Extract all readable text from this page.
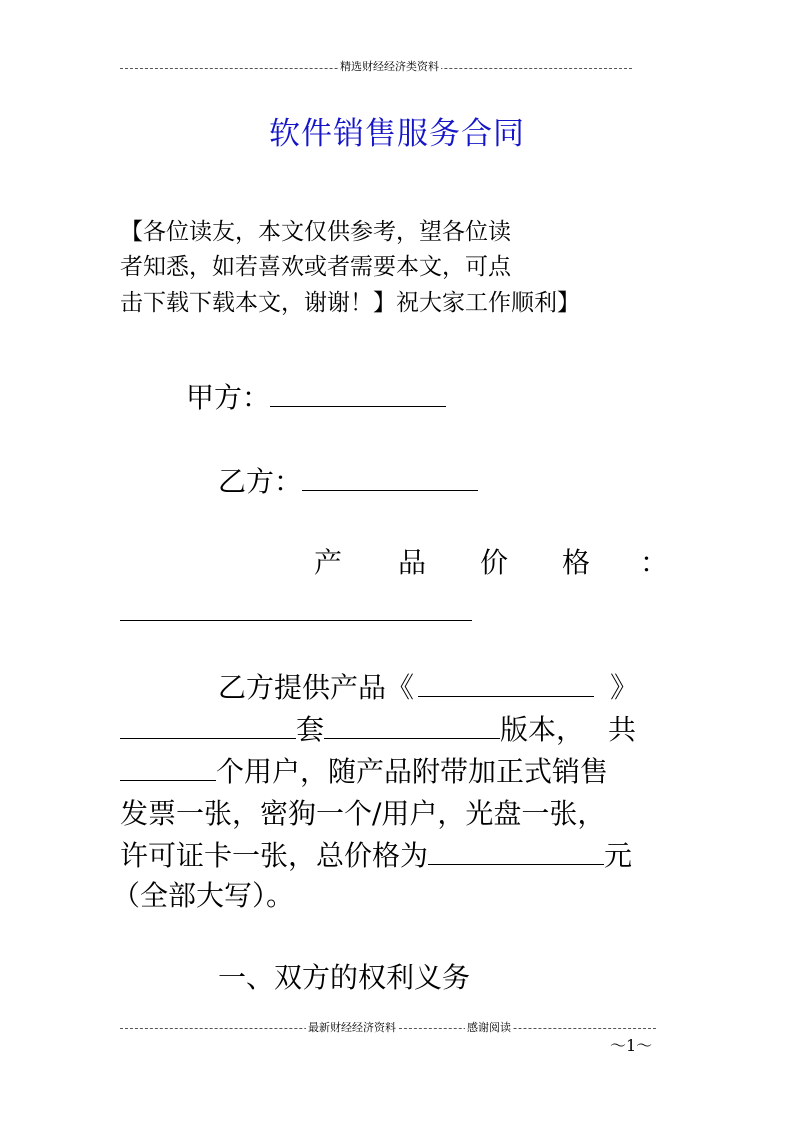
精选财经经济类资料
软件销售服务合同
【各位读友，本文仅供参考，望各位读
者知悉，如若喜欢或者需要本文，可点
击下载下载本文，谢谢！】祝大家工作顺利】
甲方：
乙方：
产 品 价 格 ：
乙方提供产品《	》
套	版本， 共
个用户，随产品附带加正式销售
发票一张，密狗一个/用户，光盘一张，
许可证卡一张，总价格为	元
（全部大写）。
一、双方的权利义务
最新财经经济资料	感谢阅读
～1～
